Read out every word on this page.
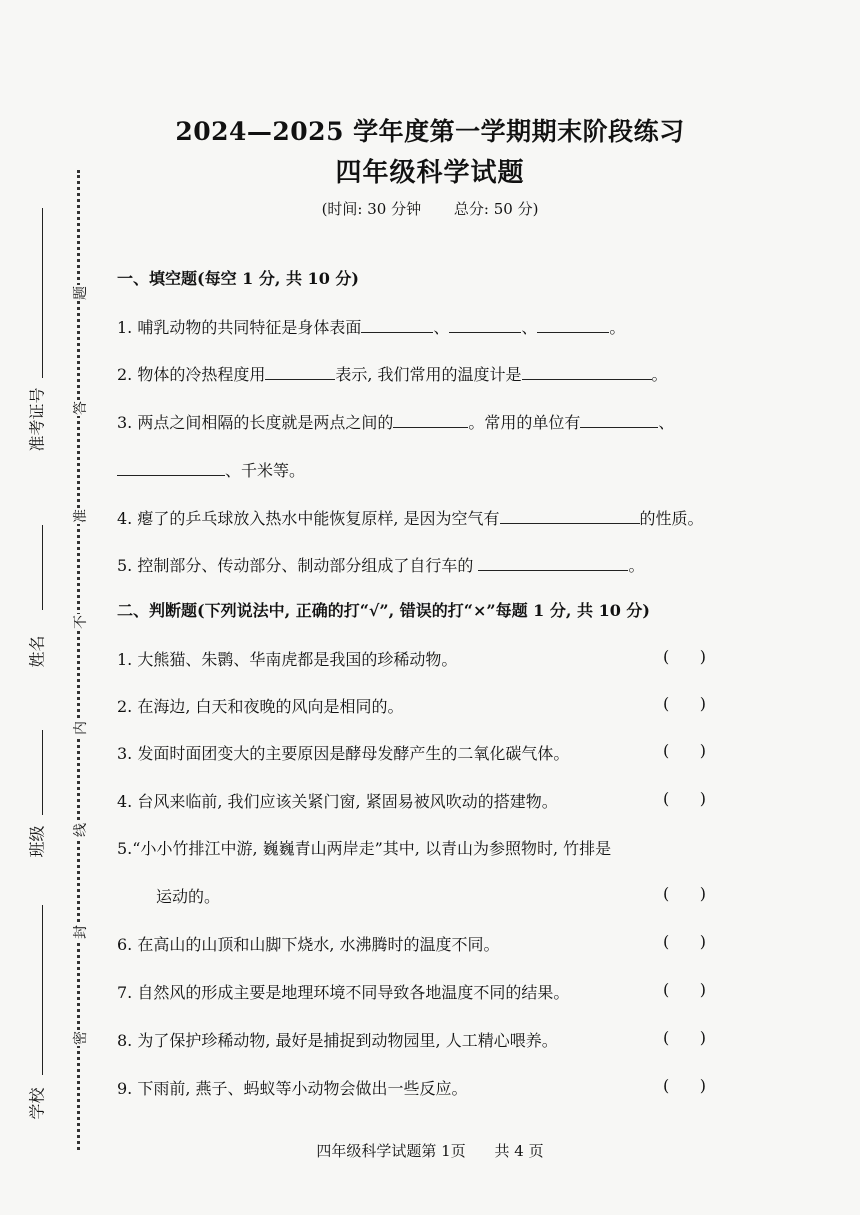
题
答
准
不
内
线
封
密
准考证号
姓名
班级
学校
2024—2025 学年度第一学期期末阶段练习
四年级科学试题
(时间: 30 分钟 总分: 50 分)
一、填空题(每空 1 分, 共 10 分)
1. 哺乳动物的共同特征是身体表面	、	、	。
2. 物体的冷热程度用	表示, 我们常用的温度计是	。
3. 两点之间相隔的长度就是两点之间的	。常用的单位有	、
、千米等。
4. 瘪了的乒乓球放入热水中能恢复原样, 是因为空气有	的性质。
5. 控制部分、传动部分、制动部分组成了自行车的	。
二、判断题(下列说法中, 正确的打“√”, 错误的打“×”每题 1 分, 共 10 分)
1. 大熊猫、朱鹮、华南虎都是我国的珍稀动物。	(      )
2. 在海边, 白天和夜晚的风向是相同的。	(      )
3. 发面时面团变大的主要原因是酵母发酵产生的二氧化碳气体。	(      )
4. 台风来临前, 我们应该关紧门窗, 紧固易被风吹动的搭建物。	(      )
5.“小小竹排江中游, 巍巍青山两岸走”其中, 以青山为参照物时, 竹排是
运动的。	(      )
6. 在高山的山顶和山脚下烧水, 水沸腾时的温度不同。	(      )
7. 自然风的形成主要是地理环境不同导致各地温度不同的结果。	(      )
8. 为了保护珍稀动物, 最好是捕捉到动物园里, 人工精心喂养。	(      )
9. 下雨前, 燕子、蚂蚁等小动物会做出一些反应。	(      )
四年级科学试题第 1页 共 4 页
